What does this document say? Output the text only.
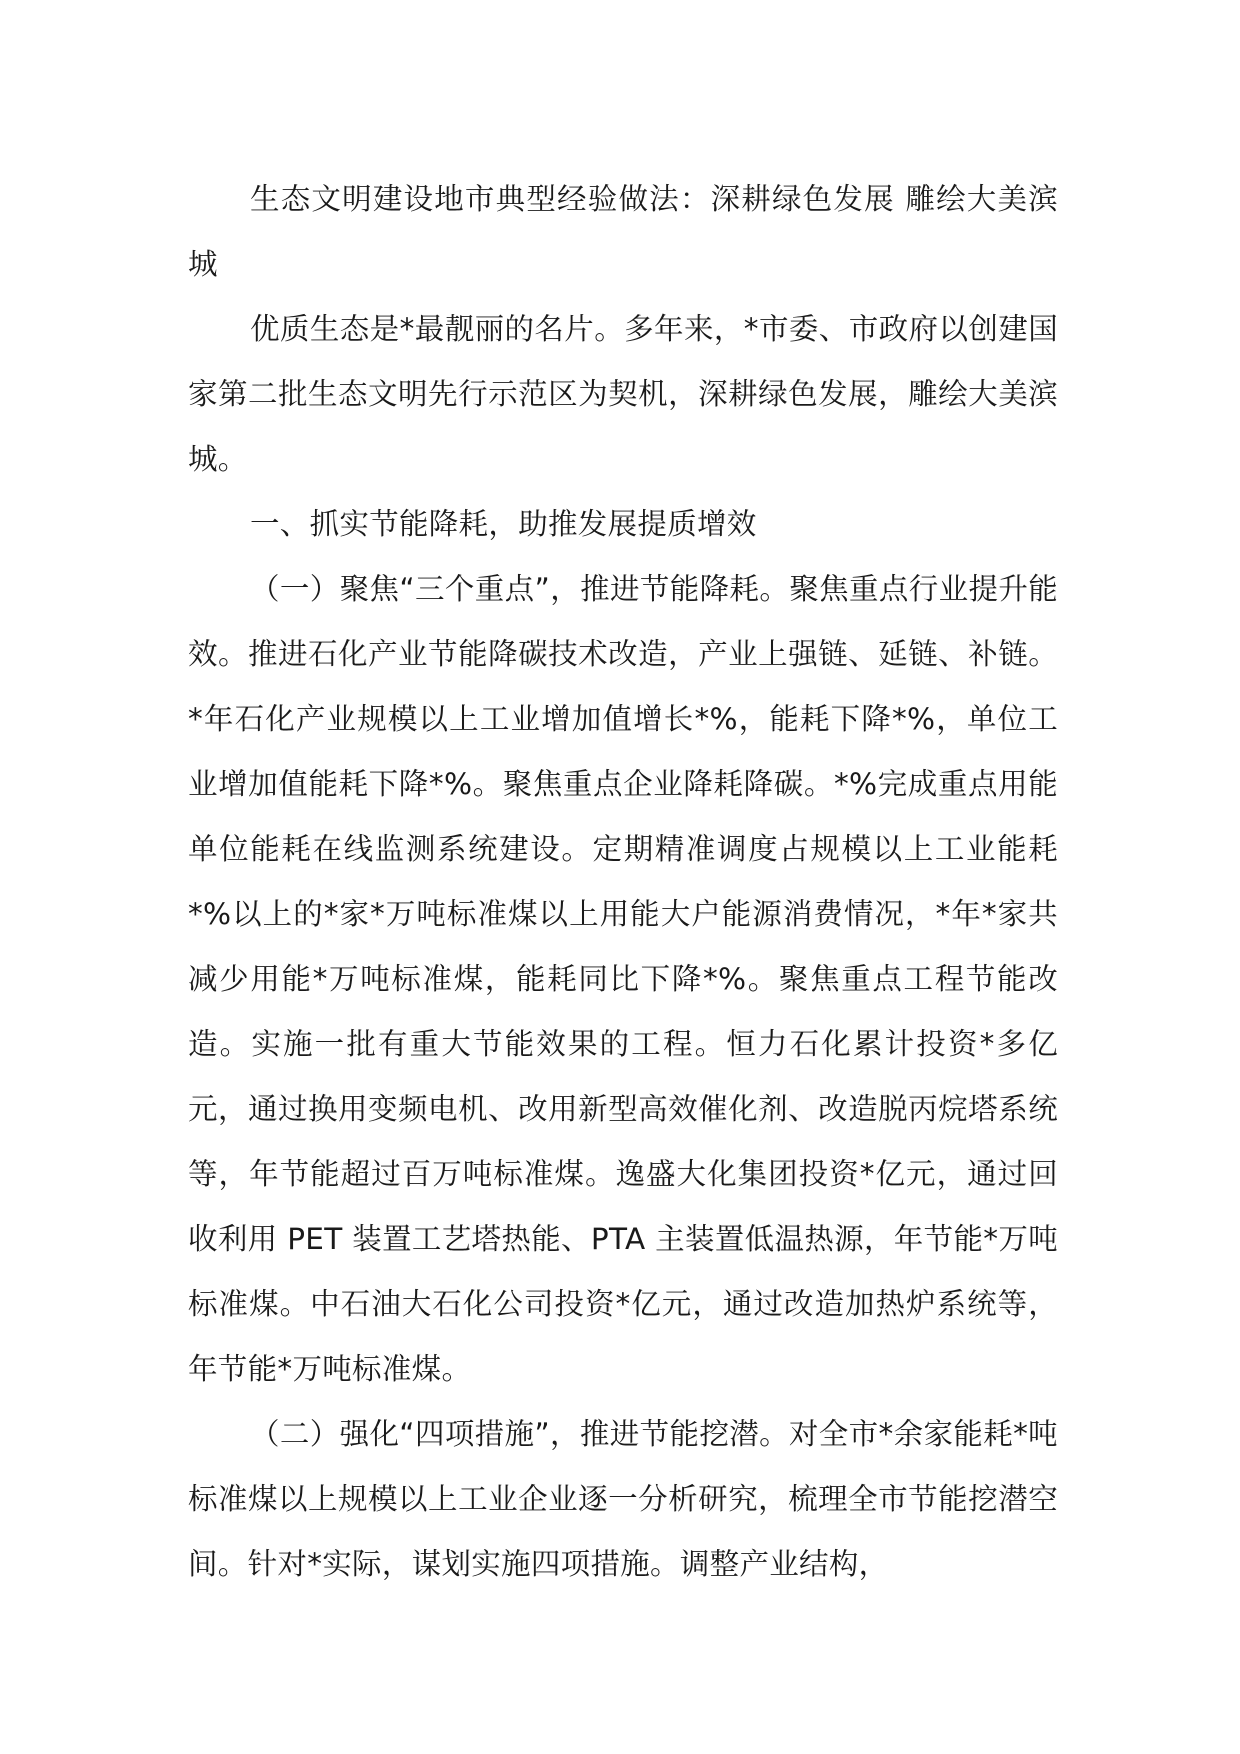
生态文明建设地市典型经验做法：深耕绿色发展 雕绘大美滨城

优质生态是*最靓丽的名片。多年来，*市委、市政府以创建国家第二批生态文明先行示范区为契机，深耕绿色发展，雕绘大美滨城。

一、抓实节能降耗，助推发展提质增效

（一）聚焦“三个重点”，推进节能降耗。聚焦重点行业提升能效。推进石化产业节能降碳技术改造，产业上强链、延链、补链。*年石化产业规模以上工业增加值增长*%，能耗下降*%，单位工业增加值能耗下降*%。聚焦重点企业降耗降碳。*%完成重点用能单位能耗在线监测系统建设。定期精准调度占规模以上工业能耗*%以上的*家*万吨标准煤以上用能大户能源消费情况，*年*家共减少用能*万吨标准煤，能耗同比下降*%。聚焦重点工程节能改造。实施一批有重大节能效果的工程。恒力石化累计投资*多亿元，通过换用变频电机、改用新型高效催化剂、改造脱丙烷塔系统等，年节能超过百万吨标准煤。逸盛大化集团投资*亿元，通过回收利用 PET 装置工艺塔热能、PTA 主装置低温热源，年节能*万吨标准煤。中石油大石化公司投资*亿元，通过改造加热炉系统等，年节能*万吨标准煤。

（二）强化“四项措施”，推进节能挖潜。对全市*余家能耗*吨标准煤以上规模以上工业企业逐一分析研究，梳理全市节能挖潜空间。针对*实际，谋划实施四项措施。调整产业结构，
